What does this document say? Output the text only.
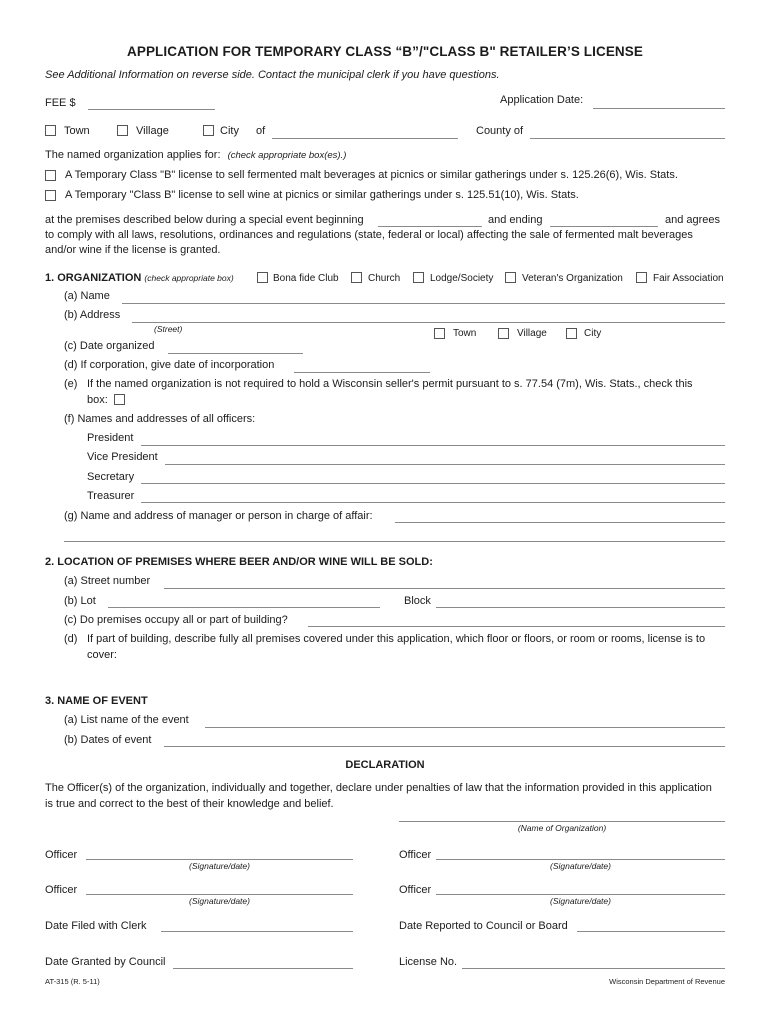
APPLICATION FOR TEMPORARY CLASS “B”/"CLASS B" RETAILER’S LICENSE
See Additional Information on reverse side. Contact the municipal clerk if you have questions.
FEE $	Application Date:
Town	Village	City of	County of
The named organization applies for: (check appropriate box(es).)
A Temporary Class "B" license to sell fermented malt beverages at picnics or similar gatherings under s. 125.26(6), Wis. Stats.
A Temporary "Class B" license to sell wine at picnics or similar gatherings under s. 125.51(10), Wis. Stats.
at the premises described below during a special event beginning	and ending	and agrees
to comply with all laws, resolutions, ordinances and regulations (state, federal or local) affecting the sale of fermented malt beverages
and/or wine if the license is granted.
1. ORGANIZATION (check appropriate box)	Bona fide Club	Church	Lodge/Society	Veteran's Organization	Fair Association
(a) Name
(b) Address
(Street)	Town	Village	City
(c) Date organized
(d) If corporation, give date of incorporation
(e) If the named organization is not required to hold a Wisconsin seller's permit pursuant to s. 77.54 (7m), Wis. Stats., check this
box:
(f) Names and addresses of all officers:
President
Vice President
Secretary
Treasurer
(g) Name and address of manager or person in charge of affair:
2. LOCATION OF PREMISES WHERE BEER AND/OR WINE WILL BE SOLD:
(a) Street number
(b) Lot	Block
(c) Do premises occupy all or part of building?
(d) If part of building, describe fully all premises covered under this application, which floor or floors, or room or rooms, license is to
cover:
3. NAME OF EVENT
(a) List name of the event
(b) Dates of event
DECLARATION
The Officer(s) of the organization, individually and together, declare under penalties of law that the information provided in this application
is true and correct to the best of their knowledge and belief.
(Name of Organization)
Officer
(Signature/date)
Officer
(Signature/date)
Officer
(Signature/date)
Officer
(Signature/date)
Date Filed with Clerk	Date Reported to Council or Board
Date Granted by Council	License No.
AT-315 (R. 5-11)	Wisconsin Department of Revenue
